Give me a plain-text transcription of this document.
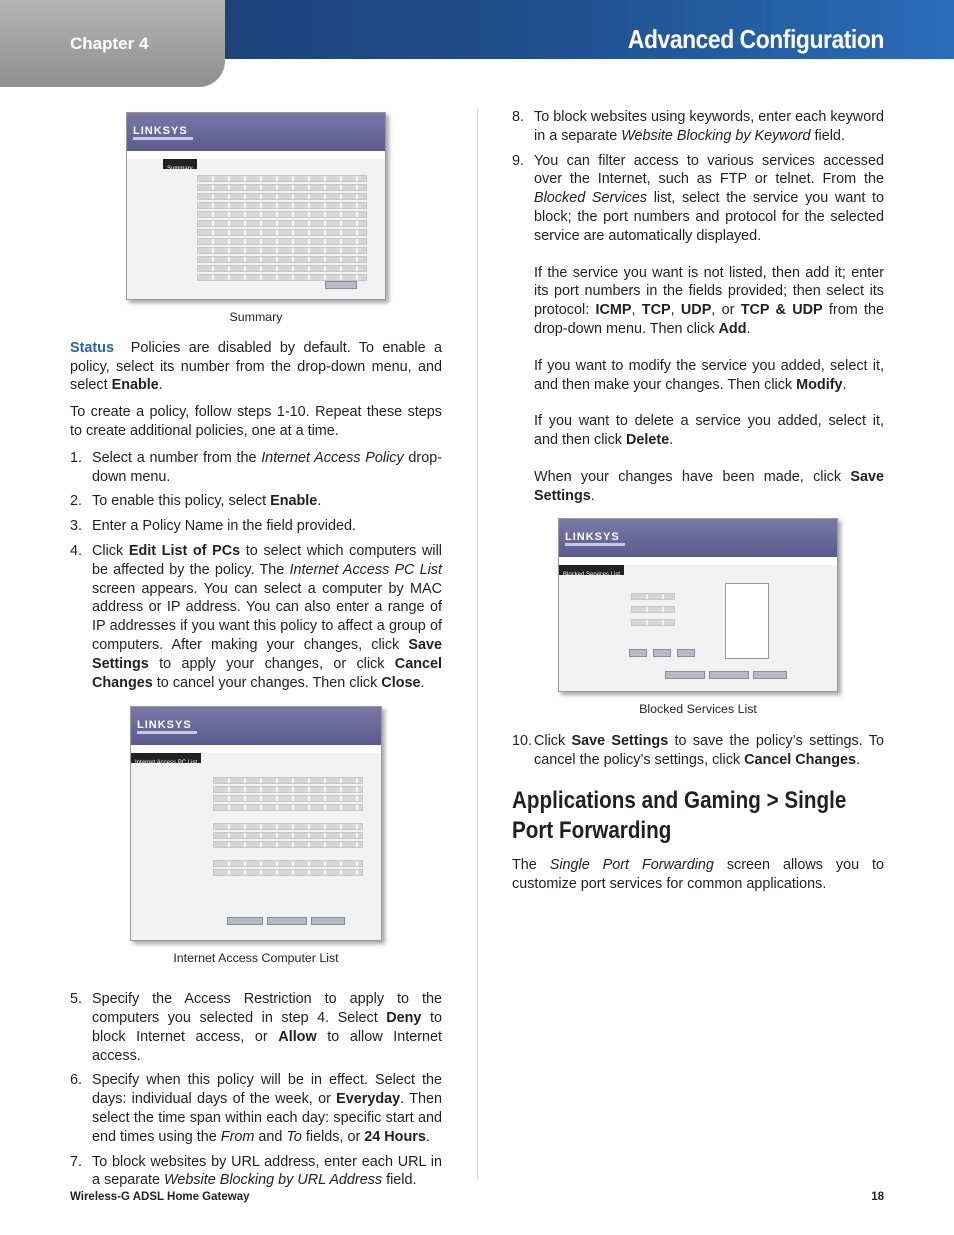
Chapter 4	Advanced Configuration
LINKSYS
Summary
Summary

Status Policies are disabled by default. To enable a policy, select its number from the drop-down menu, and select Enable.

To create a policy, follow steps 1-10. Repeat these steps to create additional policies, one at a time.

1. Select a number from the Internet Access Policy drop-down menu.
2. To enable this policy, select Enable.
3. Enter a Policy Name in the field provided.
4. Click Edit List of PCs to select which computers will be affected by the policy. The Internet Access PC List screen appears. You can select a computer by MAC address or IP address. You can also enter a range of IP addresses if you want this policy to affect a group of computers. After making your changes, click Save Settings to apply your changes, or click Cancel Changes to cancel your changes. Then click Close.
LINKSYS
Internet Access PC List
Internet Access Computer List
5. Specify the Access Restriction to apply to the computers you selected in step 4. Select Deny to block Internet access, or Allow to allow Internet access.
6. Specify when this policy will be in effect. Select the days: individual days of the week, or Everyday. Then select the time span within each day: specific start and end times using the From and To fields, or 24 Hours.
7. To block websites by URL address, enter each URL in a separate Website Blocking by URL Address field.
8. To block websites using keywords, enter each keyword in a separate Website Blocking by Keyword field.
9. You can filter access to various services accessed over the Internet, such as FTP or telnet. From the Blocked Services list, select the service you want to block; the port numbers and protocol for the selected service are automatically displayed.

If the service you want is not listed, then add it; enter its port numbers in the fields provided; then select its protocol: ICMP, TCP, UDP, or TCP & UDP from the drop-down menu. Then click Add.

If you want to modify the service you added, select it, and then make your changes. Then click Modify.

If you want to delete a service you added, select it, and then click Delete.

When your changes have been made, click Save Settings.

LINKSYS
Blocked Services List
Blocked Services List
10. Click Save Settings to save the policy’s settings. To cancel the policy’s settings, click Cancel Changes.
Applications and Gaming > Single Port Forwarding

The Single Port Forwarding screen allows you to customize port services for common applications.

Wireless-G ADSL Home Gateway	18
